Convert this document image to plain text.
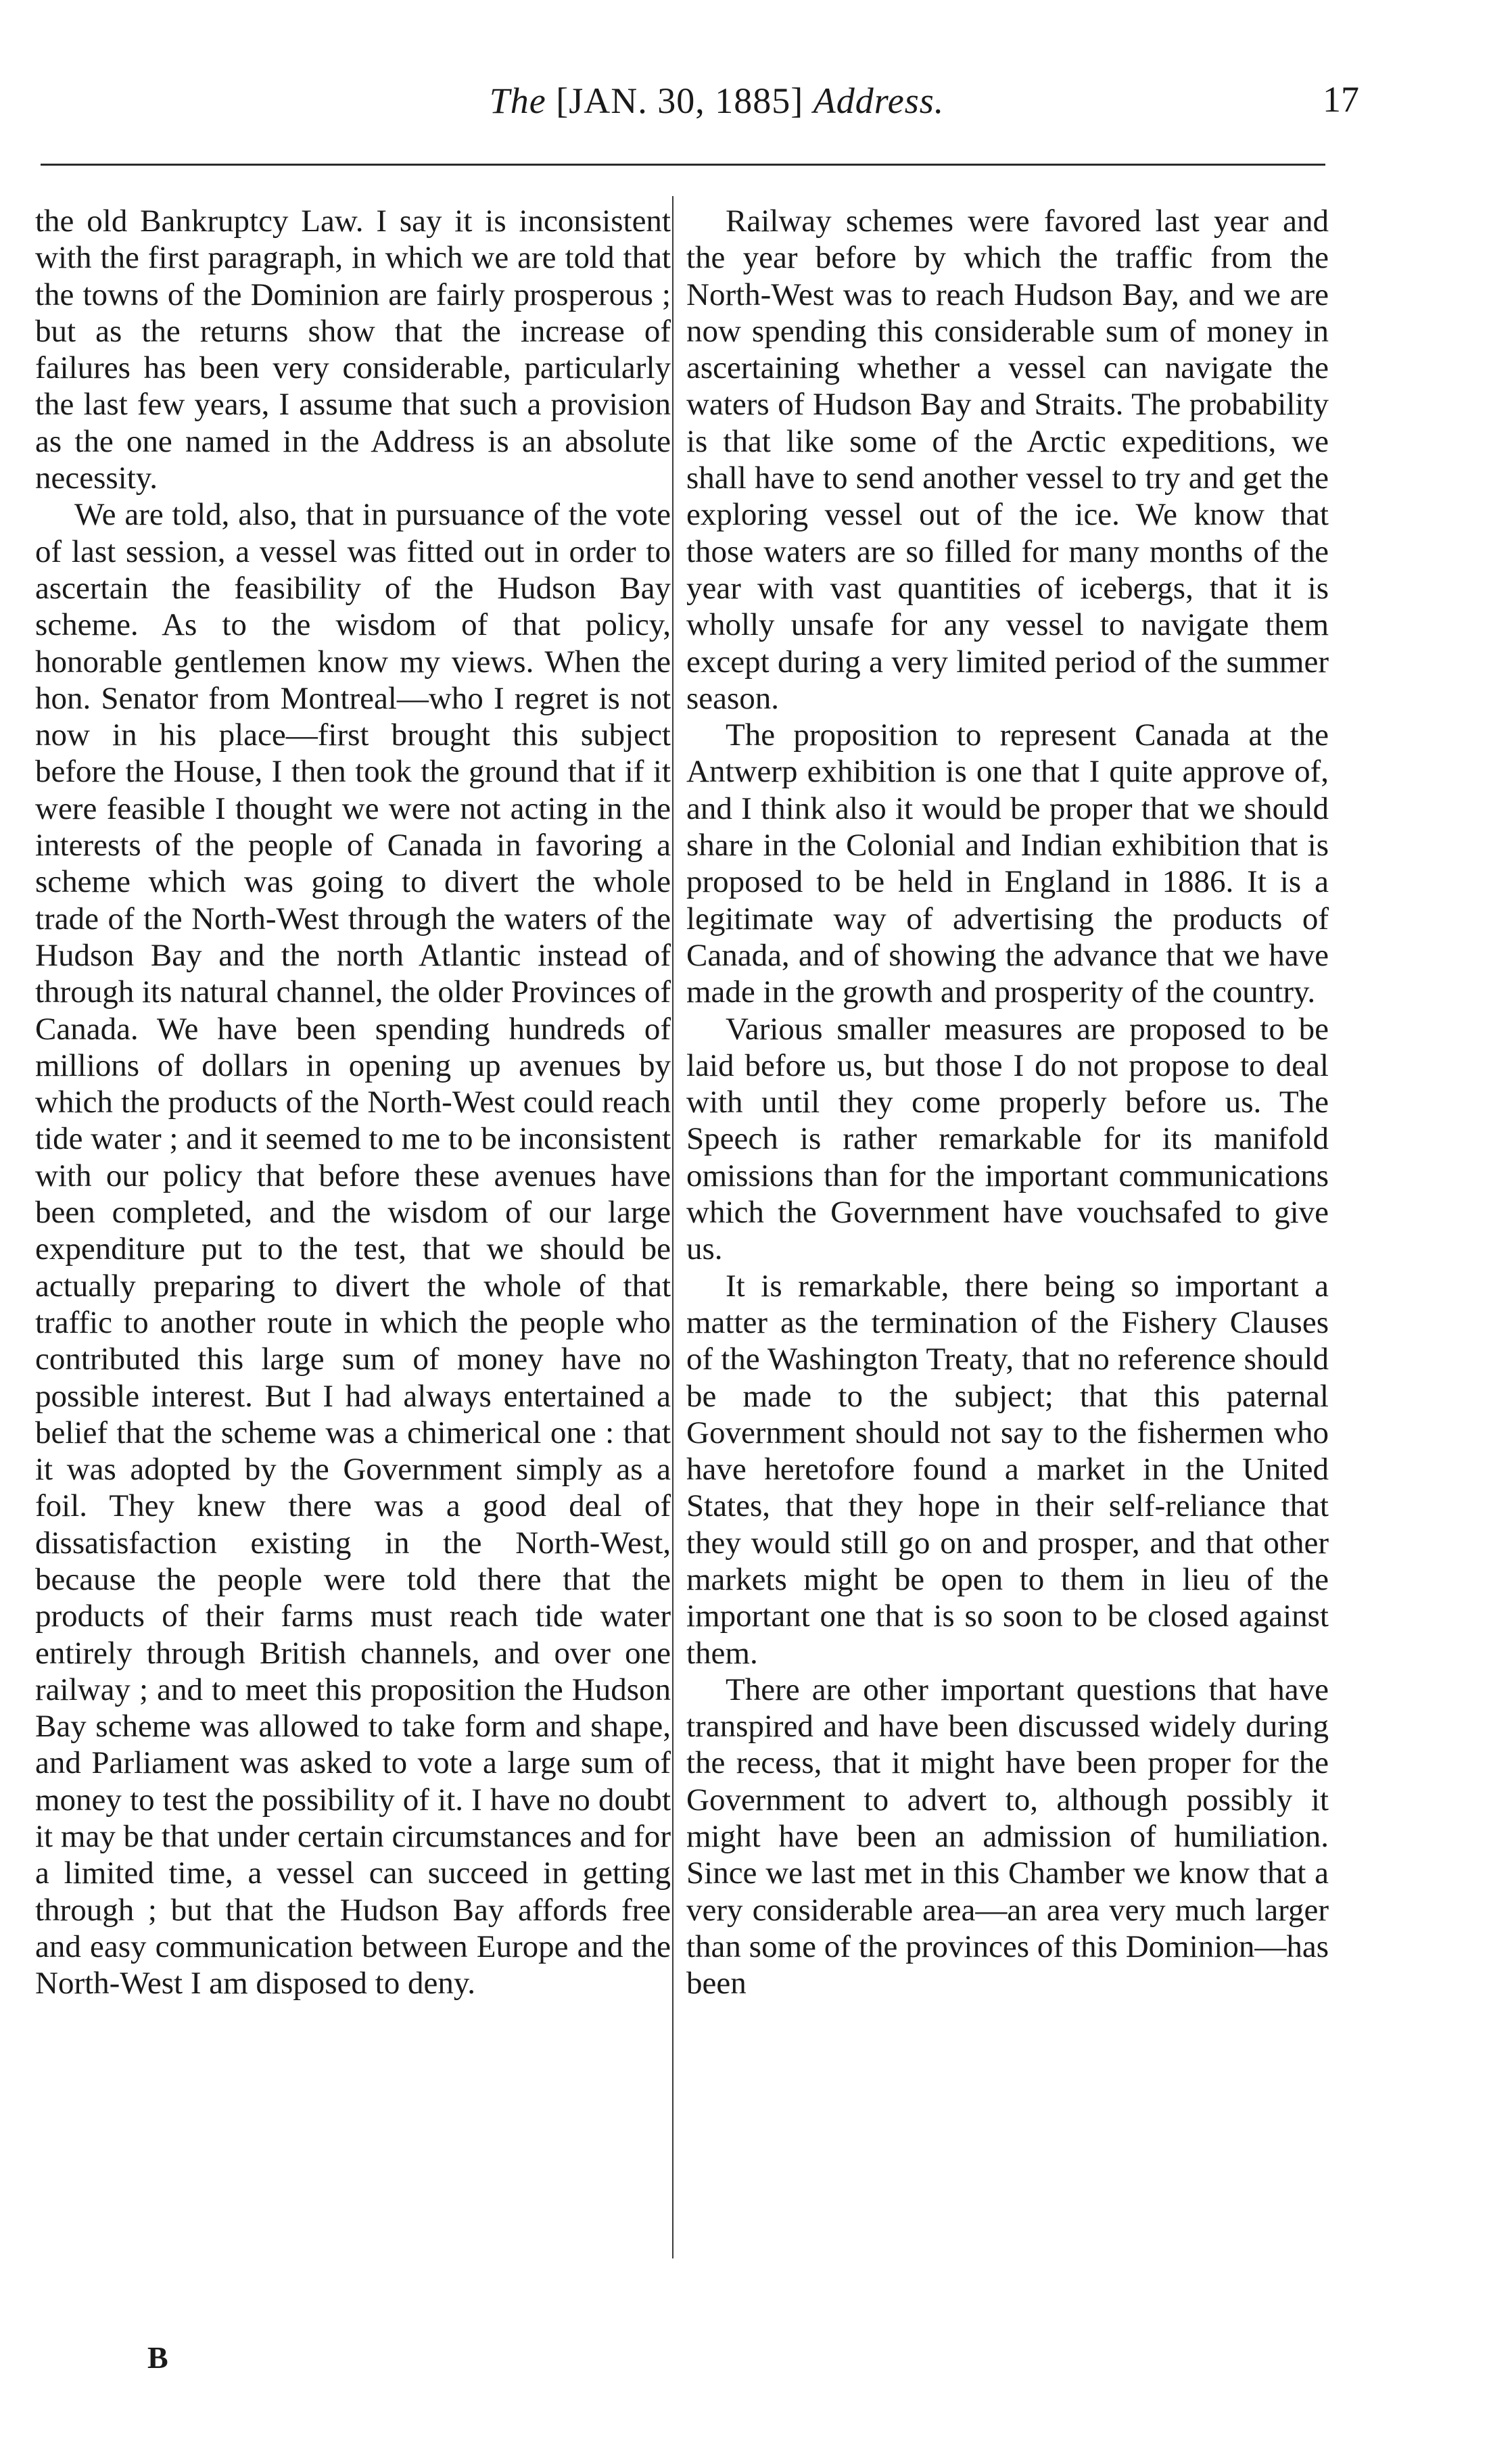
The [JAN. 30, 1885] Address.	17

the old Bankruptcy Law. I say it is inconsistent with the first paragraph, in which we are told that the towns of the Dominion are fairly prosperous ; but as the returns show that the increase of failures has been very considerable, particularly the last few years, I assume that such a provision as the one named in the Address is an absolute necessity.

We are told, also, that in pursuance of the vote of last session, a vessel was fitted out in order to ascertain the feasibility of the Hudson Bay scheme. As to the wisdom of that policy, honorable gentlemen know my views. When the hon. Senator from Montreal—who I regret is not now in his place—first brought this subject before the House, I then took the ground that if it were feasible I thought we were not acting in the interests of the people of Canada in favoring a scheme which was going to divert the whole trade of the North-West through the waters of the Hudson Bay and the north Atlantic instead of through its natural channel, the older Provinces of Canada. We have been spending hundreds of millions of dollars in opening up avenues by which the products of the North-West could reach tide water ; and it seemed to me to be inconsistent with our policy that before these avenues have been completed, and the wisdom of our large expenditure put to the test, that we should be actually preparing to divert the whole of that traffic to another route in which the people who contributed this large sum of money have no possible interest. But I had always entertained a belief that the scheme was a chimerical one : that it was adopted by the Government simply as a foil. They knew there was a good deal of dissatisfaction existing in the North-West, because the people were told there that the products of their farms must reach tide water entirely through British channels, and over one railway ; and to meet this proposition the Hudson Bay scheme was allowed to take form and shape, and Parliament was asked to vote a large sum of money to test the possibility of it. I have no doubt it may be that under certain circumstances and for a limited time, a vessel can succeed in getting through ; but that the Hudson Bay affords free and easy communication between Europe and the North-West I am disposed to deny.

Railway schemes were favored last year and the year before by which the traffic from the North-West was to reach Hudson Bay, and we are now spending this considerable sum of money in ascertaining whether a vessel can navigate the waters of Hudson Bay and Straits. The probability is that like some of the Arctic expeditions, we shall have to send another vessel to try and get the exploring vessel out of the ice. We know that those waters are so filled for many months of the year with vast quantities of icebergs, that it is wholly unsafe for any vessel to navigate them except during a very limited period of the summer season.

The proposition to represent Canada at the Antwerp exhibition is one that I quite approve of, and I think also it would be proper that we should share in the Colonial and Indian exhibition that is proposed to be held in England in 1886. It is a legitimate way of advertising the products of Canada, and of showing the advance that we have made in the growth and prosperity of the country.

Various smaller measures are proposed to be laid before us, but those I do not propose to deal with until they come properly before us. The Speech is rather remarkable for its manifold omissions than for the important communications which the Government have vouchsafed to give us.

It is remarkable, there being so important a matter as the termination of the Fishery Clauses of the Washington Treaty, that no reference should be made to the subject; that this paternal Government should not say to the fishermen who have heretofore found a market in the United States, that they hope in their self-reliance that they would still go on and prosper, and that other markets might be open to them in lieu of the important one that is so soon to be closed against them.

There are other important questions that have transpired and have been discussed widely during the recess, that it might have been proper for the Government to advert to, although possibly it might have been an admission of humiliation. Since we last met in this Chamber we know that a very considerable area—an area very much larger than some of the provinces of this Dominion—has been

B
